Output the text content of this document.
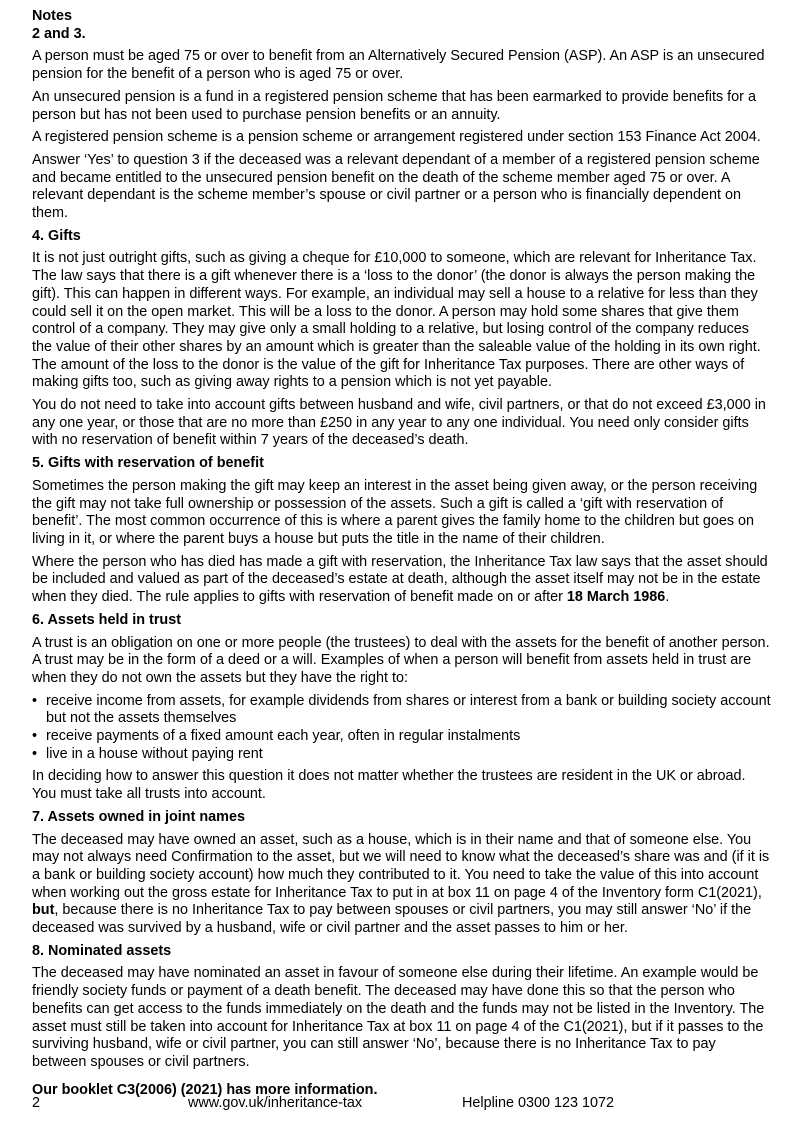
Notes
2 and 3.

A person must be aged 75 or over to benefit from an Alternatively Secured Pension (ASP). An ASP is an unsecured pension for the benefit of a person who is aged 75 or over.

An unsecured pension is a fund in a registered pension scheme that has been earmarked to provide benefits for a person but has not been used to purchase pension benefits or an annuity.

A registered pension scheme is a pension scheme or arrangement registered under section 153 Finance Act 2004.

Answer ‘Yes’ to question 3 if the deceased was a relevant dependant of a member of a registered pension scheme and became entitled to the unsecured pension benefit on the death of the scheme member aged 75 or over. A relevant dependant is the scheme member’s spouse or civil partner or a person who is financially dependent on them.

4. Gifts

It is not just outright gifts, such as giving a cheque for £10,000 to someone, which are relevant for Inheritance Tax. The law says that there is a gift whenever there is a ‘loss to the donor’ (the donor is always the person making the gift). This can happen in different ways. For example, an individual may sell a house to a relative for less than they could sell it on the open market. This will be a loss to the donor. A person may hold some shares that give them control of a company. They may give only a small holding to a relative, but losing control of the company reduces the value of their other shares by an amount which is greater than the saleable value of the holding in its own right. The amount of the loss to the donor is the value of the gift for Inheritance Tax purposes. There are other ways of making gifts too, such as giving away rights to a pension which is not yet payable.

You do not need to take into account gifts between husband and wife, civil partners, or that do not exceed £3,000 in any one year, or those that are no more than £250 in any year to any one individual. You need only consider gifts with no reservation of benefit within 7 years of the deceased’s death.

5. Gifts with reservation of benefit

Sometimes the person making the gift may keep an interest in the asset being given away, or the person receiving the gift may not take full ownership or possession of the assets. Such a gift is called a ‘gift with reservation of benefit’. The most common occurrence of this is where a parent gives the family home to the children but goes on living in it, or where the parent buys a house but puts the title in the name of their children.

Where the person who has died has made a gift with reservation, the Inheritance Tax law says that the asset should be included and valued as part of the deceased’s estate at death, although the asset itself may not be in the estate when they died. The rule applies to gifts with reservation of benefit made on or after 18 March 1986.

6. Assets held in trust

A trust is an obligation on one or more people (the trustees) to deal with the assets for the benefit of another person. A trust may be in the form of a deed or a will. Examples of when a person will benefit from assets held in trust are when they do not own the assets but they have the right to:

• receive income from assets, for example dividends from shares or interest from a bank or building society account but not the assets themselves
• receive payments of a fixed amount each year, often in regular instalments
• live in a house without paying rent

In deciding how to answer this question it does not matter whether the trustees are resident in the UK or abroad. You must take all trusts into account.

7. Assets owned in joint names

The deceased may have owned an asset, such as a house, which is in their name and that of someone else. You may not always need Confirmation to the asset, but we will need to know what the deceased’s share was and (if it is a bank or building society account) how much they contributed to it. You need to take the value of this into account when working out the gross estate for Inheritance Tax to put in at box 11 on page 4 of the Inventory form C1(2021), but, because there is no Inheritance Tax to pay between spouses or civil partners, you may still answer ‘No’ if the deceased was survived by a husband, wife or civil partner and the asset passes to him or her.

8. Nominated assets

The deceased may have nominated an asset in favour of someone else during their lifetime. An example would be friendly society funds or payment of a death benefit. The deceased may have done this so that the person who benefits can get access to the funds immediately on the death and the funds may not be listed in the Inventory. The asset must still be taken into account for Inheritance Tax at box 11 on page 4 of the C1(2021), but if it passes to the surviving husband, wife or civil partner, you can still answer ‘No’, because there is no Inheritance Tax to pay between spouses or civil partners.

Our booklet C3(2006) (2021) has more information.
2	www.gov.uk/inheritance-tax	Helpline 0300 123 1072
